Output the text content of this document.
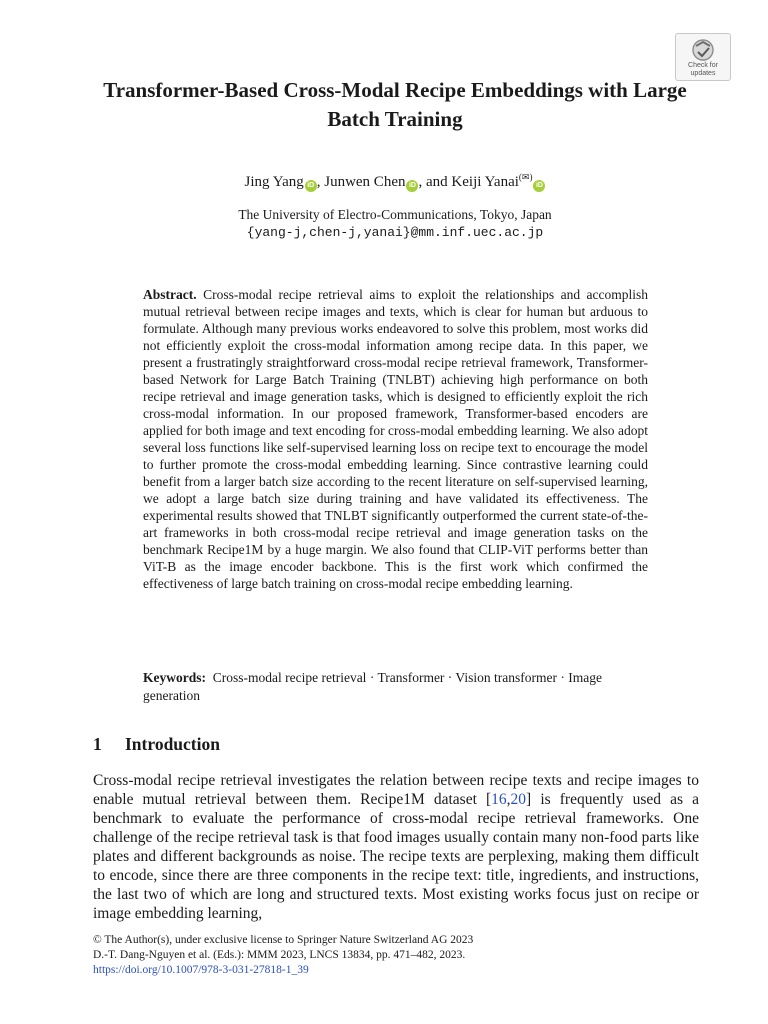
Check for
updates
Transformer-Based Cross-Modal Recipe Embeddings with Large Batch Training
Jing Yang iD , Junwen Chen iD , and Keiji Yanai(✉)iD
The University of Electro-Communications, Tokyo, Japan
{yang-j,chen-j,yanai}@mm.inf.uec.ac.jp

Abstract. Cross-modal recipe retrieval aims to exploit the relationships and accomplish mutual retrieval between recipe images and texts, which is clear for human but arduous to formulate. Although many previous works endeavored to solve this problem, most works did not efficiently exploit the cross-modal information among recipe data. In this paper, we present a frustratingly straightforward cross-modal recipe retrieval framework, Transformer-based Network for Large Batch Training (TNLBT) achieving high performance on both recipe retrieval and image generation tasks, which is designed to efficiently exploit the rich cross-modal information. In our proposed framework, Transformer-based encoders are applied for both image and text encoding for cross-modal embedding learning. We also adopt several loss functions like self-supervised learning loss on recipe text to encourage the model to further promote the cross-modal embedding learning. Since contrastive learning could benefit from a larger batch size according to the recent literature on self-supervised learning, we adopt a large batch size during training and have validated its effectiveness. The experimental results showed that TNLBT significantly outperformed the current state-of-the-art frameworks in both cross-modal recipe retrieval and image generation tasks on the benchmark Recipe1M by a huge margin. We also found that CLIP-ViT performs better than ViT-B as the image encoder backbone. This is the first work which confirmed the effectiveness of large batch training on cross-modal recipe embedding learning.

Keywords: Cross-modal recipe retrieval · Transformer · Vision transformer · Image generation

1 Introduction

Cross-modal recipe retrieval investigates the relation between recipe texts and recipe images to enable mutual retrieval between them. Recipe1M dataset [16,20] is frequently used as a benchmark to evaluate the performance of cross-modal recipe retrieval frameworks. One challenge of the recipe retrieval task is that food images usually contain many non-food parts like plates and different backgrounds as noise. The recipe texts are perplexing, making them difficult to encode, since there are three components in the recipe text: title, ingredients, and instructions, the last two of which are long and structured texts. Most existing works focus just on recipe or image embedding learning,

© The Author(s), under exclusive license to Springer Nature Switzerland AG 2023
D.-T. Dang-Nguyen et al. (Eds.): MMM 2023, LNCS 13834, pp. 471–482, 2023.
https://doi.org/10.1007/978-3-031-27818-1_39
